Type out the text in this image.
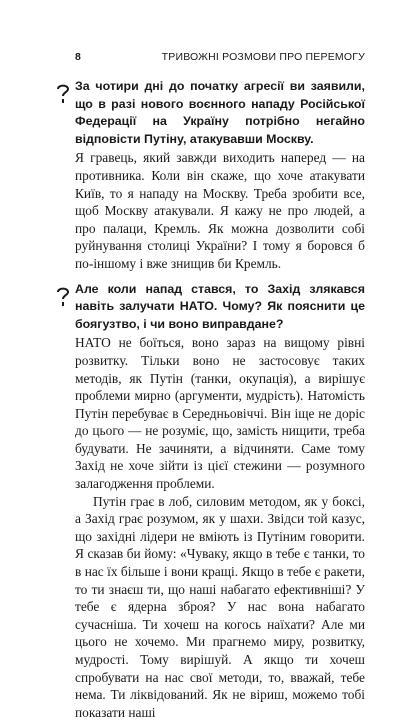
8	ТРИВОЖНІ РОЗМОВИ ПРО ПЕРЕМОГУ
За чотири дні до початку агресії ви заявили, що в разі нового воєнного нападу Російської Федерації на Україну потрібно негайно відповісти Путіну, атакувавши Москву.

Я гравець, який завжди виходить наперед — на противника. Коли він скаже, що хоче атакувати Київ, то я нападу на Москву. Треба зробити все, щоб Москву атакували. Я кажу не про людей, а про палаци, Кремль. Як можна дозволити собі руйнування столиці України? І тому я боровся б по-іншому і вже знищив би Кремль.

Але коли напад стався, то Захід злякався навіть залучати НАТО. Чому? Як пояснити це боягузтво, і чи воно виправдане?

НАТО не боїться, воно зараз на вищому рівні розвитку. Тільки воно не застосовує таких методів, як Путін (танки, окупація), а вирішує проблеми мирно (аргументи, мудрість). Натомість Путін перебуває в Середньовіччі. Він іще не доріс до цього — не розуміє, що, замість нищити, треба будувати. Не зачиняти, а відчиняти. Саме тому Захід не хоче зійти із цієї стежини — розумного залагодження проблеми.

Путін грає в лоб, силовим методом, як у боксі, а Захід грає розумом, як у шахи. Звідси той казус, що західні лідери не вміють із Путіним говорити. Я сказав би йому: «Чуваку, якщо в тебе є танки, то в нас їх більше і вони кращі. Якщо в тебе є ракети, то ти знаєш ти, що наші набагато ефективніші? У тебе є ядерна зброя? У нас вона набагато сучасніша. Ти хочеш на когось наїхати? Але ми цього не хочемо. Ми прагнемо миру, розвитку, мудрості. Тому вирішуй. А якщо ти хочеш спробувати на нас свої методи, то, вважай, тебе нема. Ти ліквідований. Як не віриш, можемо тобі показати наші
